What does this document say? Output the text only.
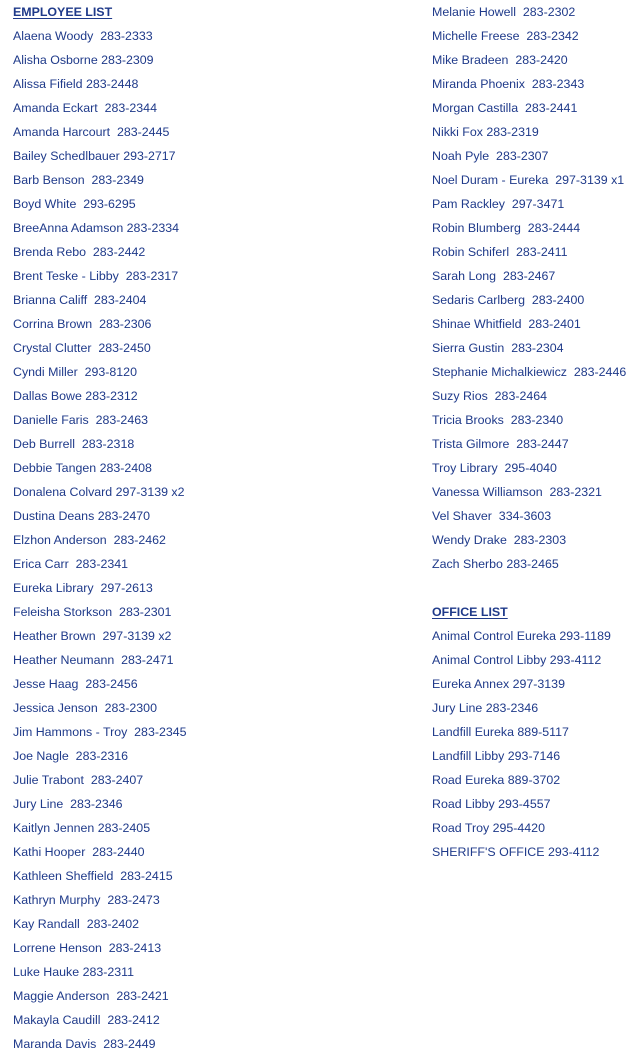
EMPLOYEE LIST
Alaena Woody  283-2333
Alisha Osborne 283-2309
Alissa Fifield 283-2448
Amanda Eckart  283-2344
Amanda Harcourt  283-2445
Bailey Schedlbauer 293-2717
Barb Benson  283-2349
Boyd White  293-6295
BreeAnna Adamson 283-2334
Brenda Rebo  283-2442
Brent Teske - Libby  283-2317
Brianna Califf  283-2404
Corrina Brown  283-2306
Crystal Clutter  283-2450
Cyndi Miller  293-8120
Dallas Bowe 283-2312
Danielle Faris  283-2463
Deb Burrell  283-2318
Debbie Tangen 283-2408
Donalena Colvard 297-3139 x2
Dustina Deans 283-2470
Elzhon Anderson  283-2462
Erica Carr  283-2341
Eureka Library  297-2613
Feleisha Storkson  283-2301
Heather Brown  297-3139 x2
Heather Neumann  283-2471
Jesse Haag  283-2456
Jessica Jenson  283-2300
Jim Hammons - Troy  283-2345
Joe Nagle  283-2316
Julie Trabont  283-2407
Jury Line  283-2346
Kaitlyn Jennen 283-2405
Kathi Hooper  283-2440
Kathleen Sheffield  283-2415
Kathryn Murphy  283-2473
Kay Randall  283-2402
Lorrene Henson  283-2413
Luke Hauke 283-2311
Maggie Anderson  283-2421
Makayla Caudill  283-2412
Maranda Davis  283-2449
Melanie Howell  283-2302
Michelle Freese  283-2342
Mike Bradeen  283-2420
Miranda Phoenix  283-2343
Morgan Castilla  283-2441
Nikki Fox 283-2319
Noah Pyle  283-2307
Noel Duram - Eureka  297-3139 x1
Pam Rackley  297-3471
Robin Blumberg  283-2444
Robin Schiferl  283-2411
Sarah Long  283-2467
Sedaris Carlberg  283-2400
Shinae Whitfield  283-2401
Sierra Gustin  283-2304
Stephanie Michalkiewicz  283-2446
Suzy Rios  283-2464
Tricia Brooks  283-2340
Trista Gilmore  283-2447
Troy Library  295-4040
Vanessa Williamson  283-2321
Vel Shaver  334-3603
Wendy Drake  283-2303
Zach Sherbo 283-2465
OFFICE LIST
Animal Control Eureka 293-1189
Animal Control Libby 293-4112
Eureka Annex 297-3139
Jury Line 283-2346
Landfill Eureka 889-5117
Landfill Libby 293-7146
Road Eureka 889-3702
Road Libby 293-4557
Road Troy 295-4420
SHERIFF'S OFFICE 293-4112
